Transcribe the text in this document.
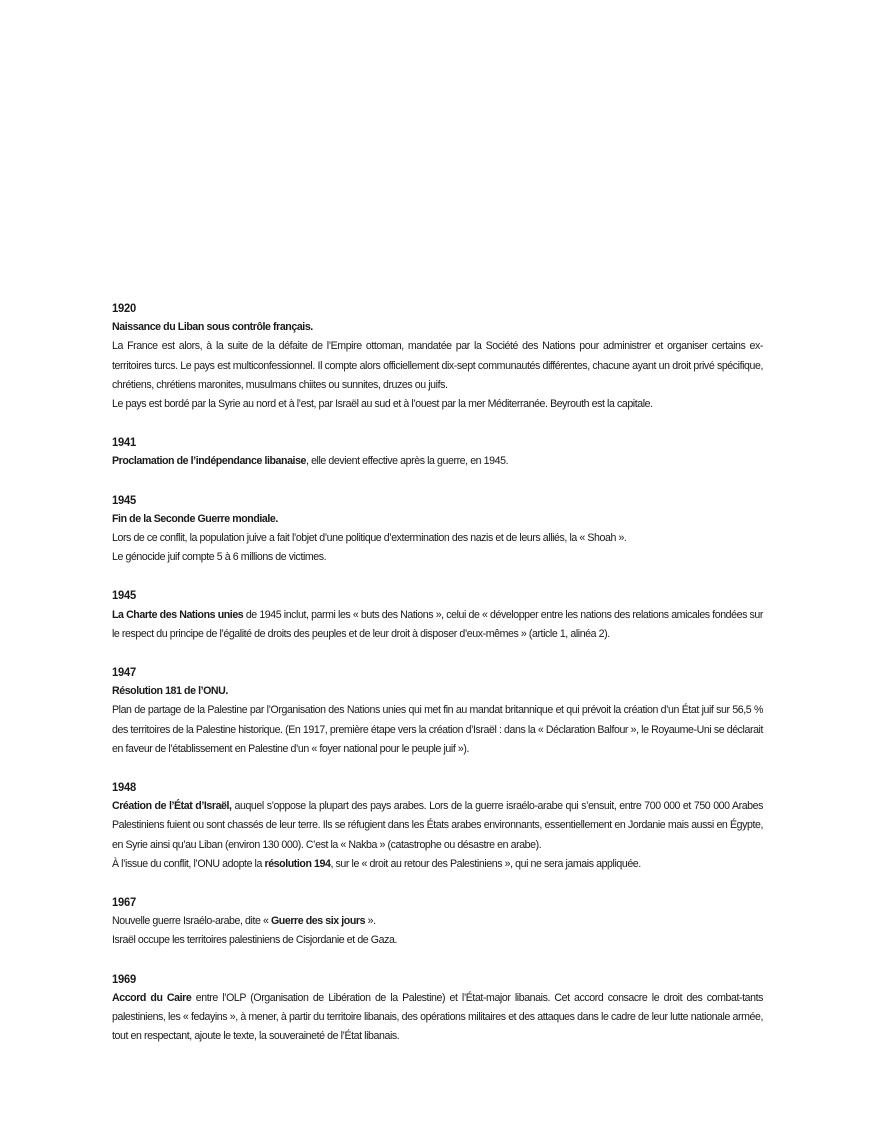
1920

Naissance du Liban sous contrôle français.

La France est alors, à la suite de la défaite de l’Empire ottoman, mandatée par la Société des Nations pour administrer et organiser certains ex-territoires turcs. Le pays est multiconfessionnel. Il compte alors officiellement dix-sept communautés différentes, chacune ayant un droit privé spécifique, chrétiens, chrétiens maronites, musulmans chiites ou sunnites, druzes ou juifs.

Le pays est bordé par la Syrie au nord et à l’est, par Israël au sud et à l’ouest par la mer Méditerranée. Beyrouth est la capitale.

1941

Proclamation de l’indépendance libanaise, elle devient effective après la guerre, en 1945.

1945

Fin de la Seconde Guerre mondiale.

Lors de ce conflit, la population juive a fait l’objet d’une politique d’extermination des nazis et de leurs alliés, la « Shoah ».

Le génocide juif compte 5 à 6 millions de victimes.

1945

La Charte des Nations unies de 1945 inclut, parmi les « buts des Nations », celui de « développer entre les nations des relations amicales fondées sur le respect du principe de l’égalité de droits des peuples et de leur droit à disposer d’eux-mêmes » (article 1, alinéa 2).

1947

Résolution 181 de l’ONU.

Plan de partage de la Palestine par l’Organisation des Nations unies qui met fin au mandat britannique et qui prévoit la création d’un État juif sur 56,5 % des territoires de la Palestine historique. (En 1917, première étape vers la création d’Israël : dans la « Déclaration Balfour », le Royaume-Uni se déclarait en faveur de l’établissement en Palestine d’un « foyer national pour le peuple juif »).

1948

Création de l’État d’Israël, auquel s’oppose la plupart des pays arabes. Lors de la guerre israélo-arabe qui s’ensuit, entre 700 000 et 750 000 Arabes Palestiniens fuient ou sont chassés de leur terre. Ils se réfugient dans les États arabes environnants, essentiellement en Jordanie mais aussi en Égypte, en Syrie ainsi qu’au Liban (environ 130 000). C’est la « Nakba » (catastrophe ou désastre en arabe).

À l’issue du conflit, l’ONU adopte la résolution 194, sur le « droit au retour des Palestiniens », qui ne sera jamais appliquée.

1967

Nouvelle guerre Israélo-arabe, dite « Guerre des six jours ».

Israël occupe les territoires palestiniens de Cisjordanie et de Gaza.

1969

Accord du Caire entre l’OLP (Organisation de Libération de la Palestine) et l’État-major libanais. Cet accord consacre le droit des combat-tants palestiniens, les « fedayins », à mener, à partir du territoire libanais, des opérations militaires et des attaques dans le cadre de leur lutte nationale armée, tout en respectant, ajoute le texte, la souveraineté de l’État libanais.
